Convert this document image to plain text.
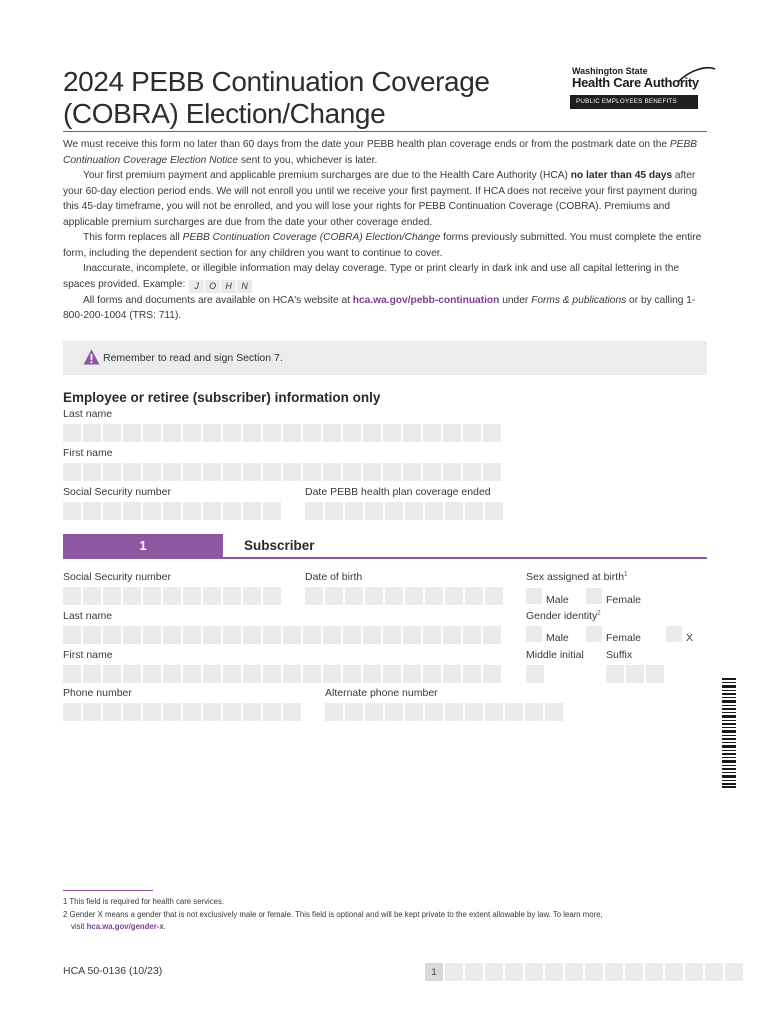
2024 PEBB Continuation Coverage
(COBRA) Election/Change
Washington State
Health Care Authority
PUBLIC EMPLOYEES BENEFITS BOARD

We must receive this form no later than 60 days from the date your PEBB health plan coverage ends or from the postmark date on the PEBB Continuation Coverage Election Notice sent to you, whichever is later.

Your first premium payment and applicable premium surcharges are due to the Health Care Authority (HCA) no later than 45 days after your 60-day election period ends. We will not enroll you until we receive your first payment. If HCA does not receive your first payment during this 45-day timeframe, you will not be enrolled, and you will lose your rights for PEBB Continuation Coverage (COBRA). Premiums and applicable premium surcharges are due from the date your other coverage ended.

This form replaces all PEBB Continuation Coverage (COBRA) Election/Change forms previously submitted. You must complete the entire form, including the dependent section for any children you want to continue to cover.

Inaccurate, incomplete, or illegible information may delay coverage. Type or print clearly in dark ink and use all capital lettering in the spaces provided. Example: J O H N

All forms and documents are available on HCA's website at hca.wa.gov/pebb-continuation under Forms & publications or by calling 1-800-200-1004 (TRS: 711).

Remember to read and sign Section 7.
Employee or retiree (subscriber) information only
Last name
First name
Social Security number	Date PEBB health plan coverage ended
1	Subscriber
Social Security number	Date of birth	Sex assigned at birth$^1$
Male	Female
Last name	Gender identity$^2$
Male	Female	X
First name	Middle initial Suffix
Phone number	Alternate phone number
1 This field is required for health care services.
2 Gender X means a gender that is not exclusively male or female. This field is optional and will be kept private to the extent allowable by law. To learn more,
visit hca.wa.gov/gender-x.
HCA 50-0136 (10/23)	1
